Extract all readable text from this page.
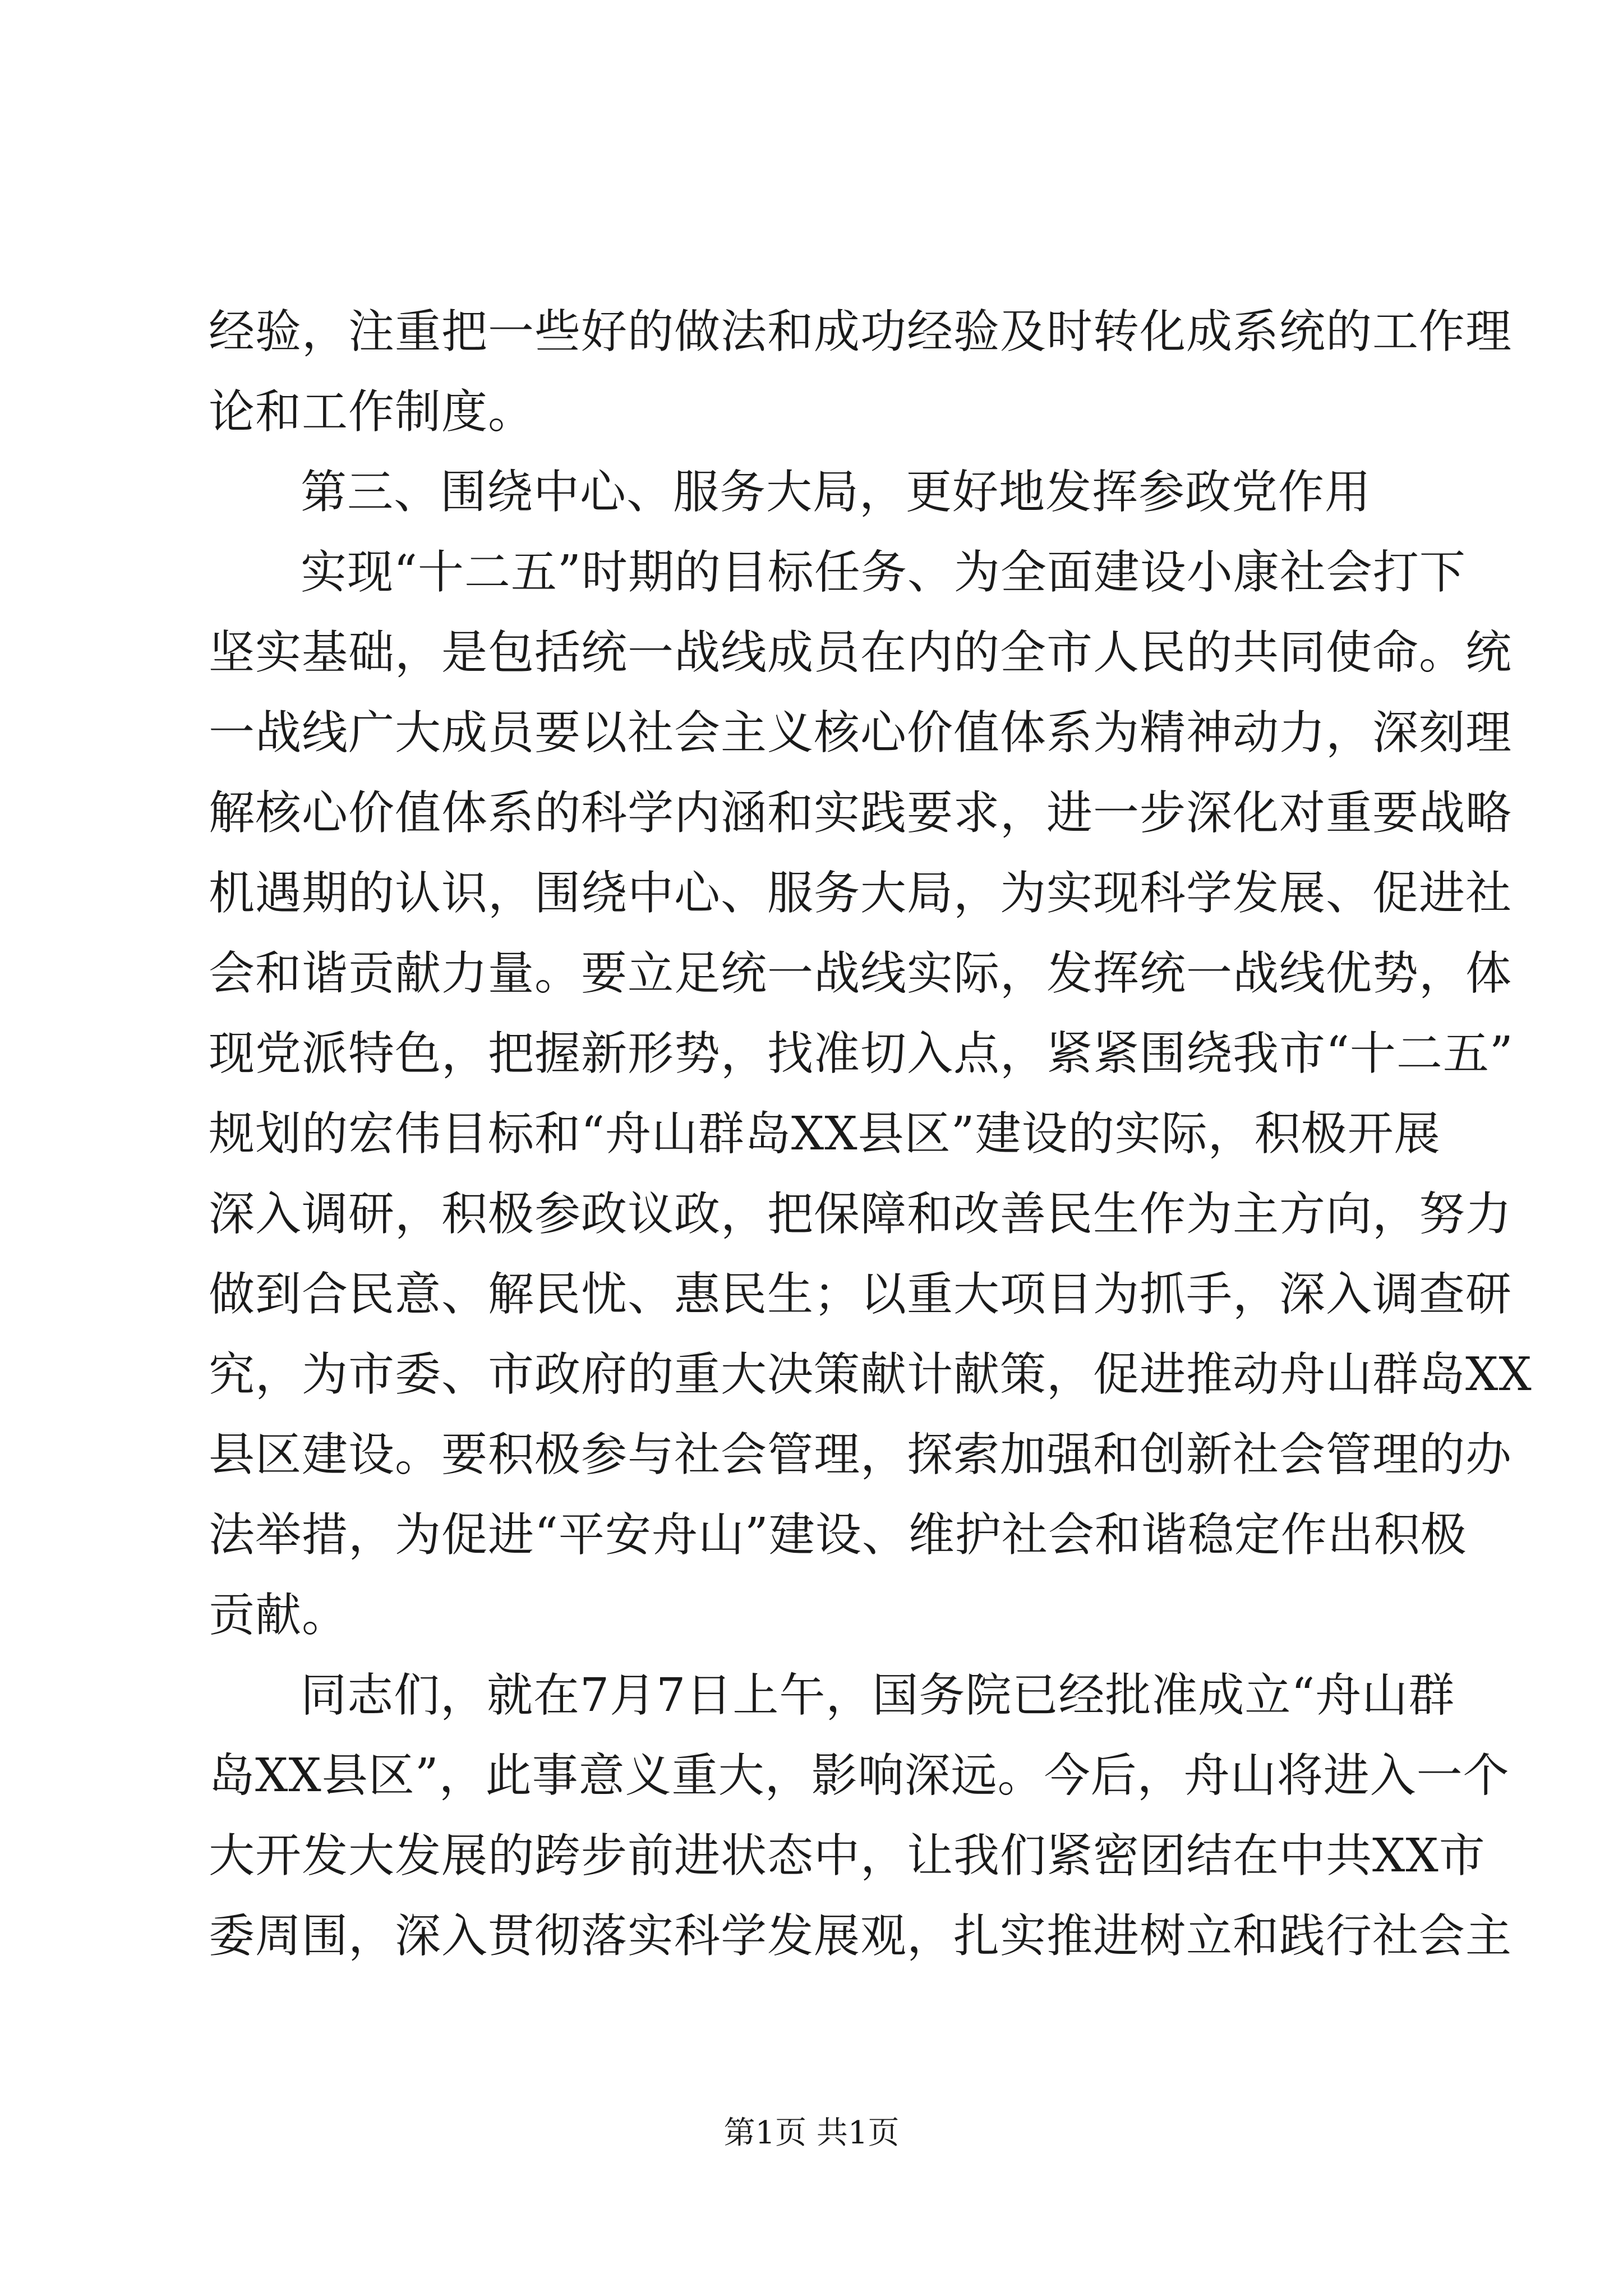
经验，注重把一些好的做法和成功经验及时转化成系统的工作理
论和工作制度。
第三、围绕中心、服务大局，更好地发挥参政党作用
实现“十二五”时期的目标任务、为全面建设小康社会打下
坚实基础，是包括统一战线成员在内的全市人民的共同使命。统
一战线广大成员要以社会主义核心价值体系为精神动力，深刻理
解核心价值体系的科学内涵和实践要求，进一步深化对重要战略
机遇期的认识，围绕中心、服务大局，为实现科学发展、促进社
会和谐贡献力量。要立足统一战线实际，发挥统一战线优势，体
现党派特色，把握新形势，找准切入点，紧紧围绕我市“十二五”
规划的宏伟目标和“舟山群岛XX县区”建设的实际，积极开展
深入调研，积极参政议政，把保障和改善民生作为主方向，努力
做到合民意、解民忧、惠民生；以重大项目为抓手，深入调查研
究，为市委、市政府的重大决策献计献策，促进推动舟山群岛XX
县区建设。要积极参与社会管理，探索加强和创新社会管理的办
法举措，为促进“平安舟山”建设、维护社会和谐稳定作出积极
贡献。
同志们，就在7月7日上午，国务院已经批准成立“舟山群
岛XX县区”，此事意义重大，影响深远。今后，舟山将进入一个
大开发大发展的跨步前进状态中，让我们紧密团结在中共XX市
委周围，深入贯彻落实科学发展观，扎实推进树立和践行社会主
第1页 共1页
